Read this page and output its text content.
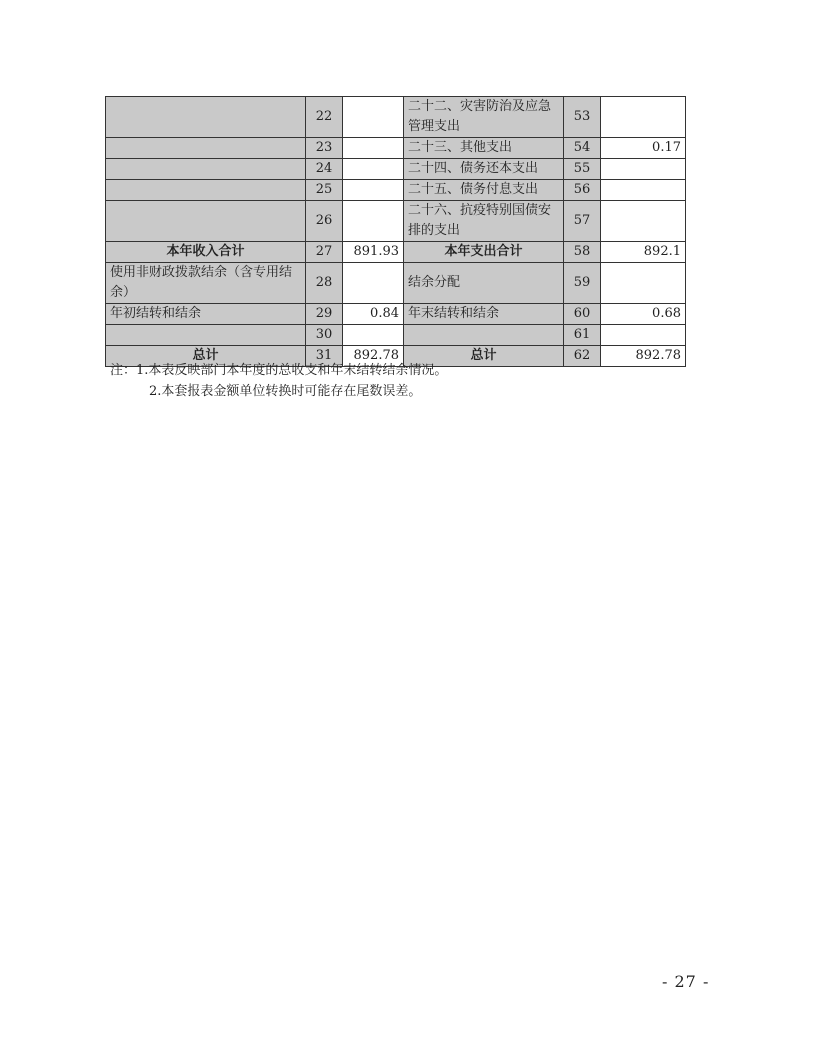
	22		二十二、灾害防治及应急管理支出	53	
	23		二十三、其他支出	54	0.17
	24		二十四、债务还本支出	55	
	25		二十五、债务付息支出	56	
	26		二十六、抗疫特别国债安排的支出	57	
本年收入合计	27	891.93	本年支出合计	58	892.1
使用非财政拨款结余（含专用结余）	28		结余分配	59	
年初结转和结余	29	0.84	年末结转和结余	60	0.68
	30			61	
总计	31	892.78	总计	62	892.78
注：1.本表反映部门本年度的总收支和年末结转结余情况。
2.本套报表金额单位转换时可能存在尾数误差。
- 27 -
